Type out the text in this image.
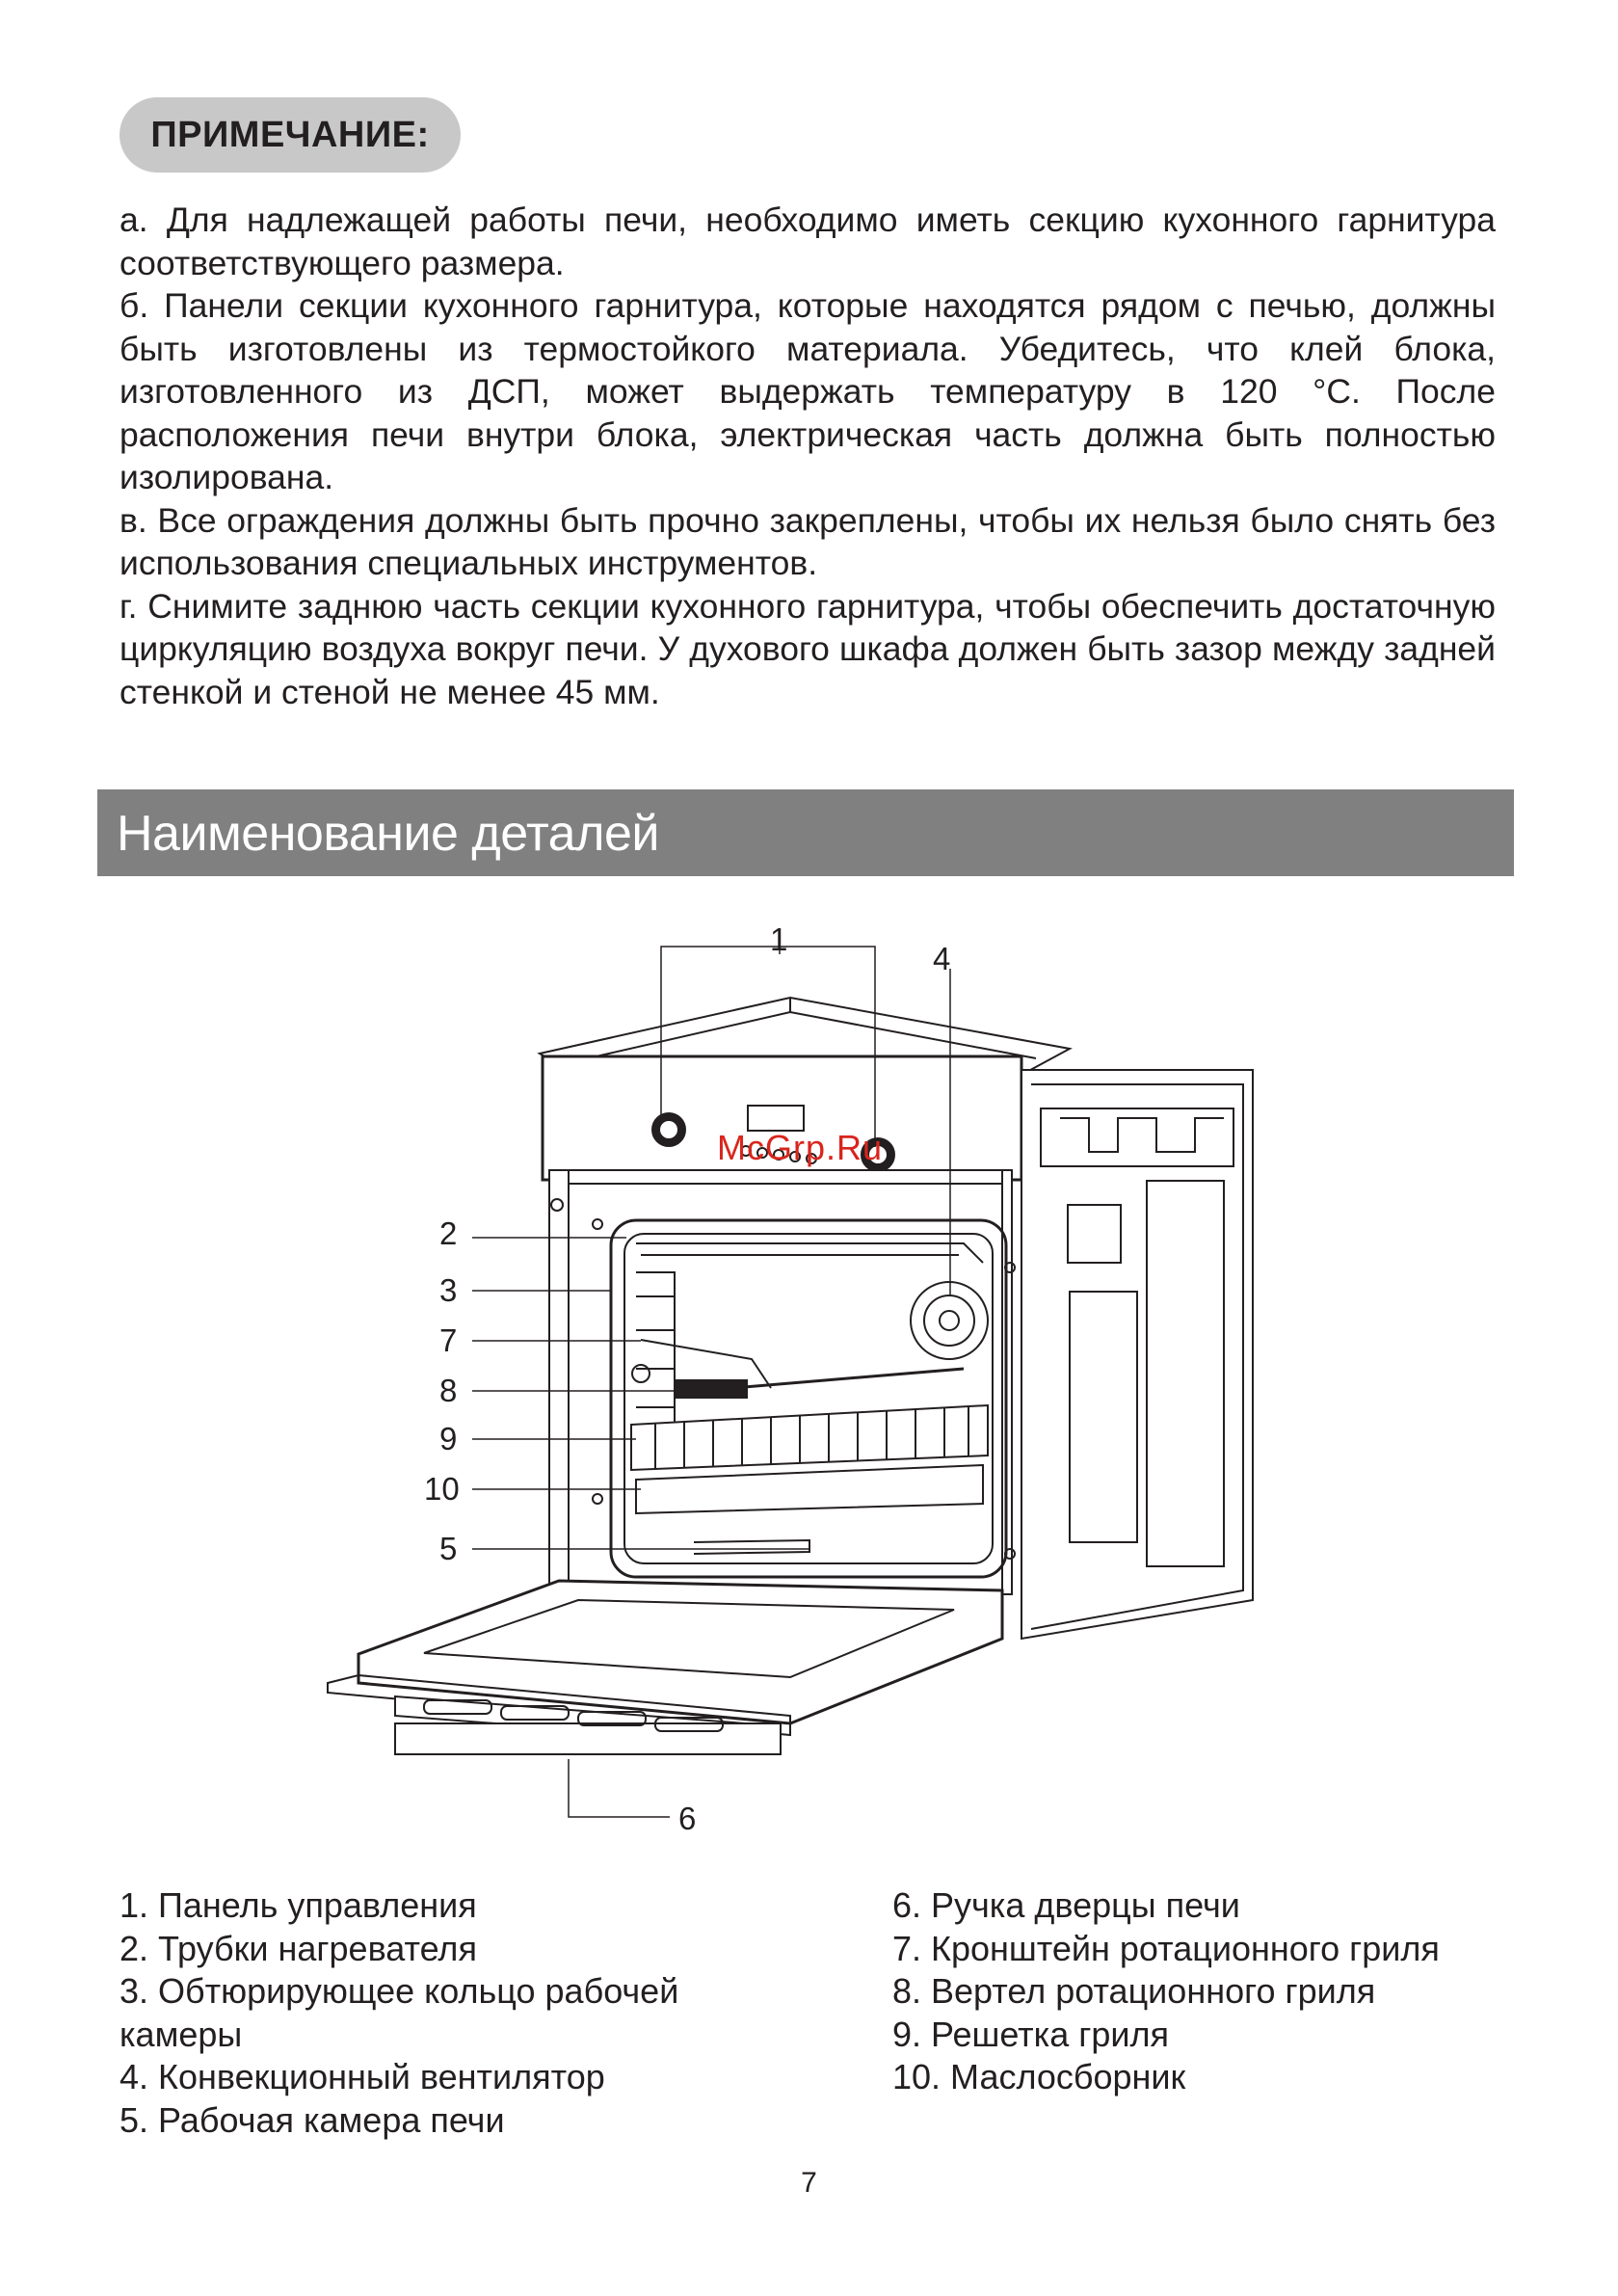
ПРИМЕЧАНИЕ:

а. Для надлежащей работы печи, необходимо иметь секцию кухонного гарнитура соответствующего размера.

б. Панели секции кухонного гарнитура, которые находятся рядом с печью, должны быть изготовлены из термостойкого материала. Убедитесь, что клей блока, изготовленного из ДСП, может выдержать температуру в 120 °С. После расположения печи внутри блока, электрическая часть должна быть полностью изолирована.

в. Все ограждения должны быть прочно закреплены, чтобы их нельзя было снять без использования специальных инструментов.

г. Снимите заднюю часть секции кухонного гарнитура, чтобы обеспечить достаточную циркуляцию воздуха вокруг печи. У духового шкафа должен быть зазор между задней стенкой и стеной не менее 45 мм.

Наименование деталей
1
4
2
3
7
8
9
10
5
6
McGrp.Ru
1. Панель управления
2. Трубки нагревателя
3. Обтюрирующее кольцо рабочей камеры
4. Конвекционный вентилятор
5. Рабочая камера печи
6. Ручка дверцы печи
7. Кронштейн ротационного гриля
8. Вертел ротационного гриля
9. Решетка гриля
10. Маслосборник
7
